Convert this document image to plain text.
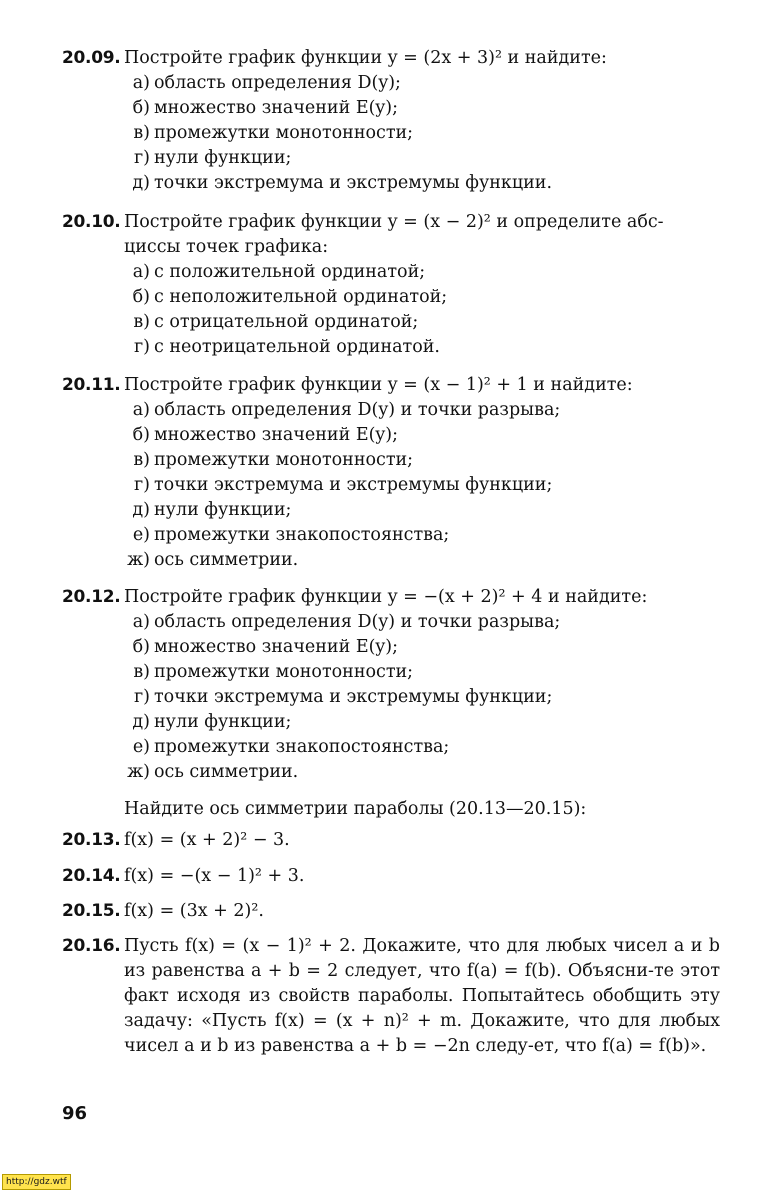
20.09. Постройте график функции y = (2x + 3)² и найдите:
а) область определения D(y);
б) множество значений E(y);
в) промежутки монотонности;
г) нули функции;
д) точки экстремума и экстремумы функции.
20.10. Постройте график функции y = (x − 2)² и определите абс-
циссы точек графика:
а) с положительной ординатой;
б) с неположительной ординатой;
в) с отрицательной ординатой;
г) с неотрицательной ординатой.
20.11. Постройте график функции y = (x − 1)² + 1 и найдите:
а) область определения D(y) и точки разрыва;
б) множество значений E(y);
в) промежутки монотонности;
г) точки экстремума и экстремумы функции;
д) нули функции;
е) промежутки знакопостоянства;
ж) ось симметрии.
20.12. Постройте график функции y = −(x + 2)² + 4 и найдите:
а) область определения D(y) и точки разрыва;
б) множество значений E(y);
в) промежутки монотонности;
г) точки экстремума и экстремумы функции;
д) нули функции;
е) промежутки знакопостоянства;
ж) ось симметрии.
Найдите ось симметрии параболы (20.13—20.15):
20.13. f(x) = (x + 2)² − 3.
20.14. f(x) = −(x − 1)² + 3.
20.15. f(x) = (3x + 2)².
20.16. Пусть f(x) = (x − 1)² + 2. Докажите, что для любых чисел a и b из равенства a + b = 2 следует, что f(a) = f(b). Объясни-те этот факт исходя из свойств параболы. Попытайтесь обобщить эту задачу: «Пусть f(x) = (x + n)² + m. Докажите, что для любых чисел a и b из равенства a + b = −2n следу-ет, что f(a) = f(b)».
96
http://gdz.wtf
